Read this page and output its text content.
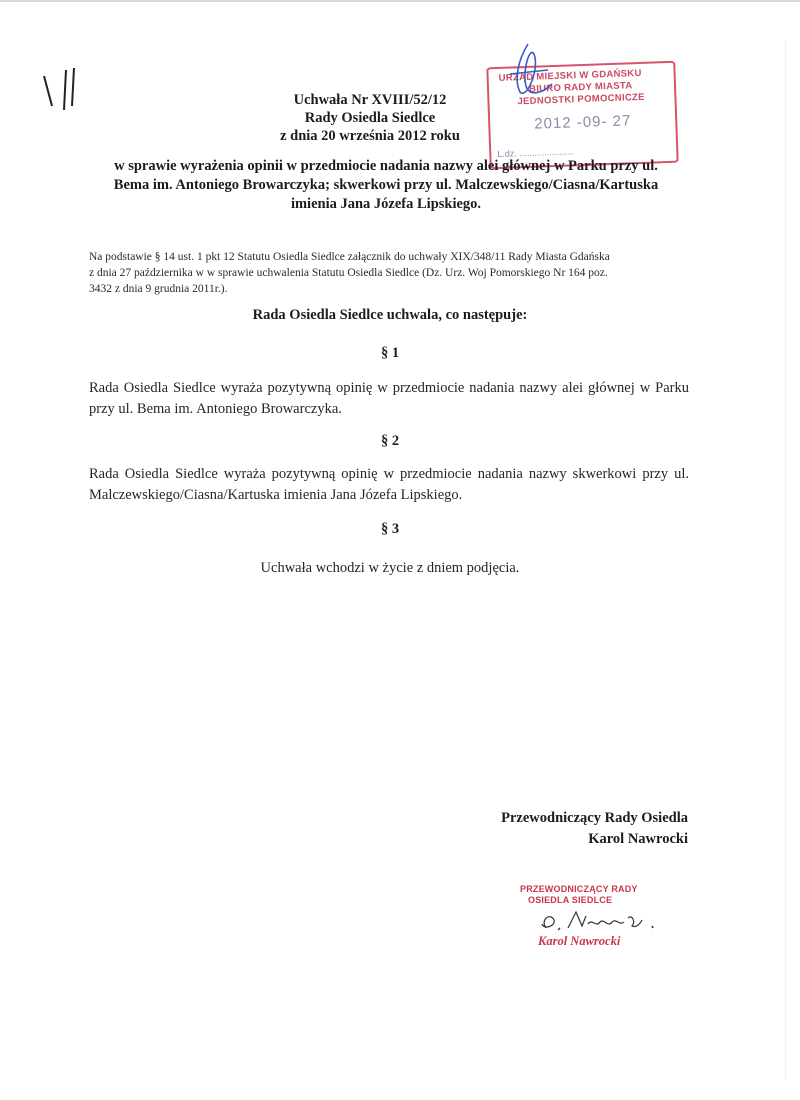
Uchwała Nr XVIII/52/12
Rady Osiedla Siedlce
z dnia 20 września 2012 roku
URZĄD MIEJSKI W GDAŃSKU
BIURO RADY MIASTA
JEDNOSTKI POMOCNICZE
2012 -09- 27
L.dz. ......................
w sprawie wyrażenia opinii w przedmiocie nadania nazwy alei głównej w Parku przy ul.
Bema im. Antoniego Browarczyka; skwerkowi przy ul. Malczewskiego/Ciasna/Kartuska
imienia Jana Józefa Lipskiego.
Na podstawie § 14 ust. 1 pkt 12 Statutu Osiedla Siedlce załącznik do uchwały XIX/348/11 Rady Miasta Gdańska
z dnia 27 października w w sprawie uchwalenia Statutu Osiedla Siedlce (Dz. Urz. Woj Pomorskiego Nr 164 poz.
3432 z dnia 9 grudnia 2011r.).
Rada Osiedla Siedlce uchwala, co następuje:
§ 1
Rada Osiedla Siedlce wyraża pozytywną opinię w przedmiocie nadania nazwy alei głównej w Parku przy ul. Bema im. Antoniego Browarczyka.
§ 2
Rada Osiedla Siedlce wyraża pozytywną opinię w przedmiocie nadania nazwy skwerkowi przy ul. Malczewskiego/Ciasna/Kartuska imienia Jana Józefa Lipskiego.
§ 3
Uchwała wchodzi w życie z dniem podjęcia.
Przewodniczący Rady Osiedla
Karol Nawrocki
PRZEWODNICZĄCY RADY
OSIEDLA SIEDLCE
Karol Nawrocki
